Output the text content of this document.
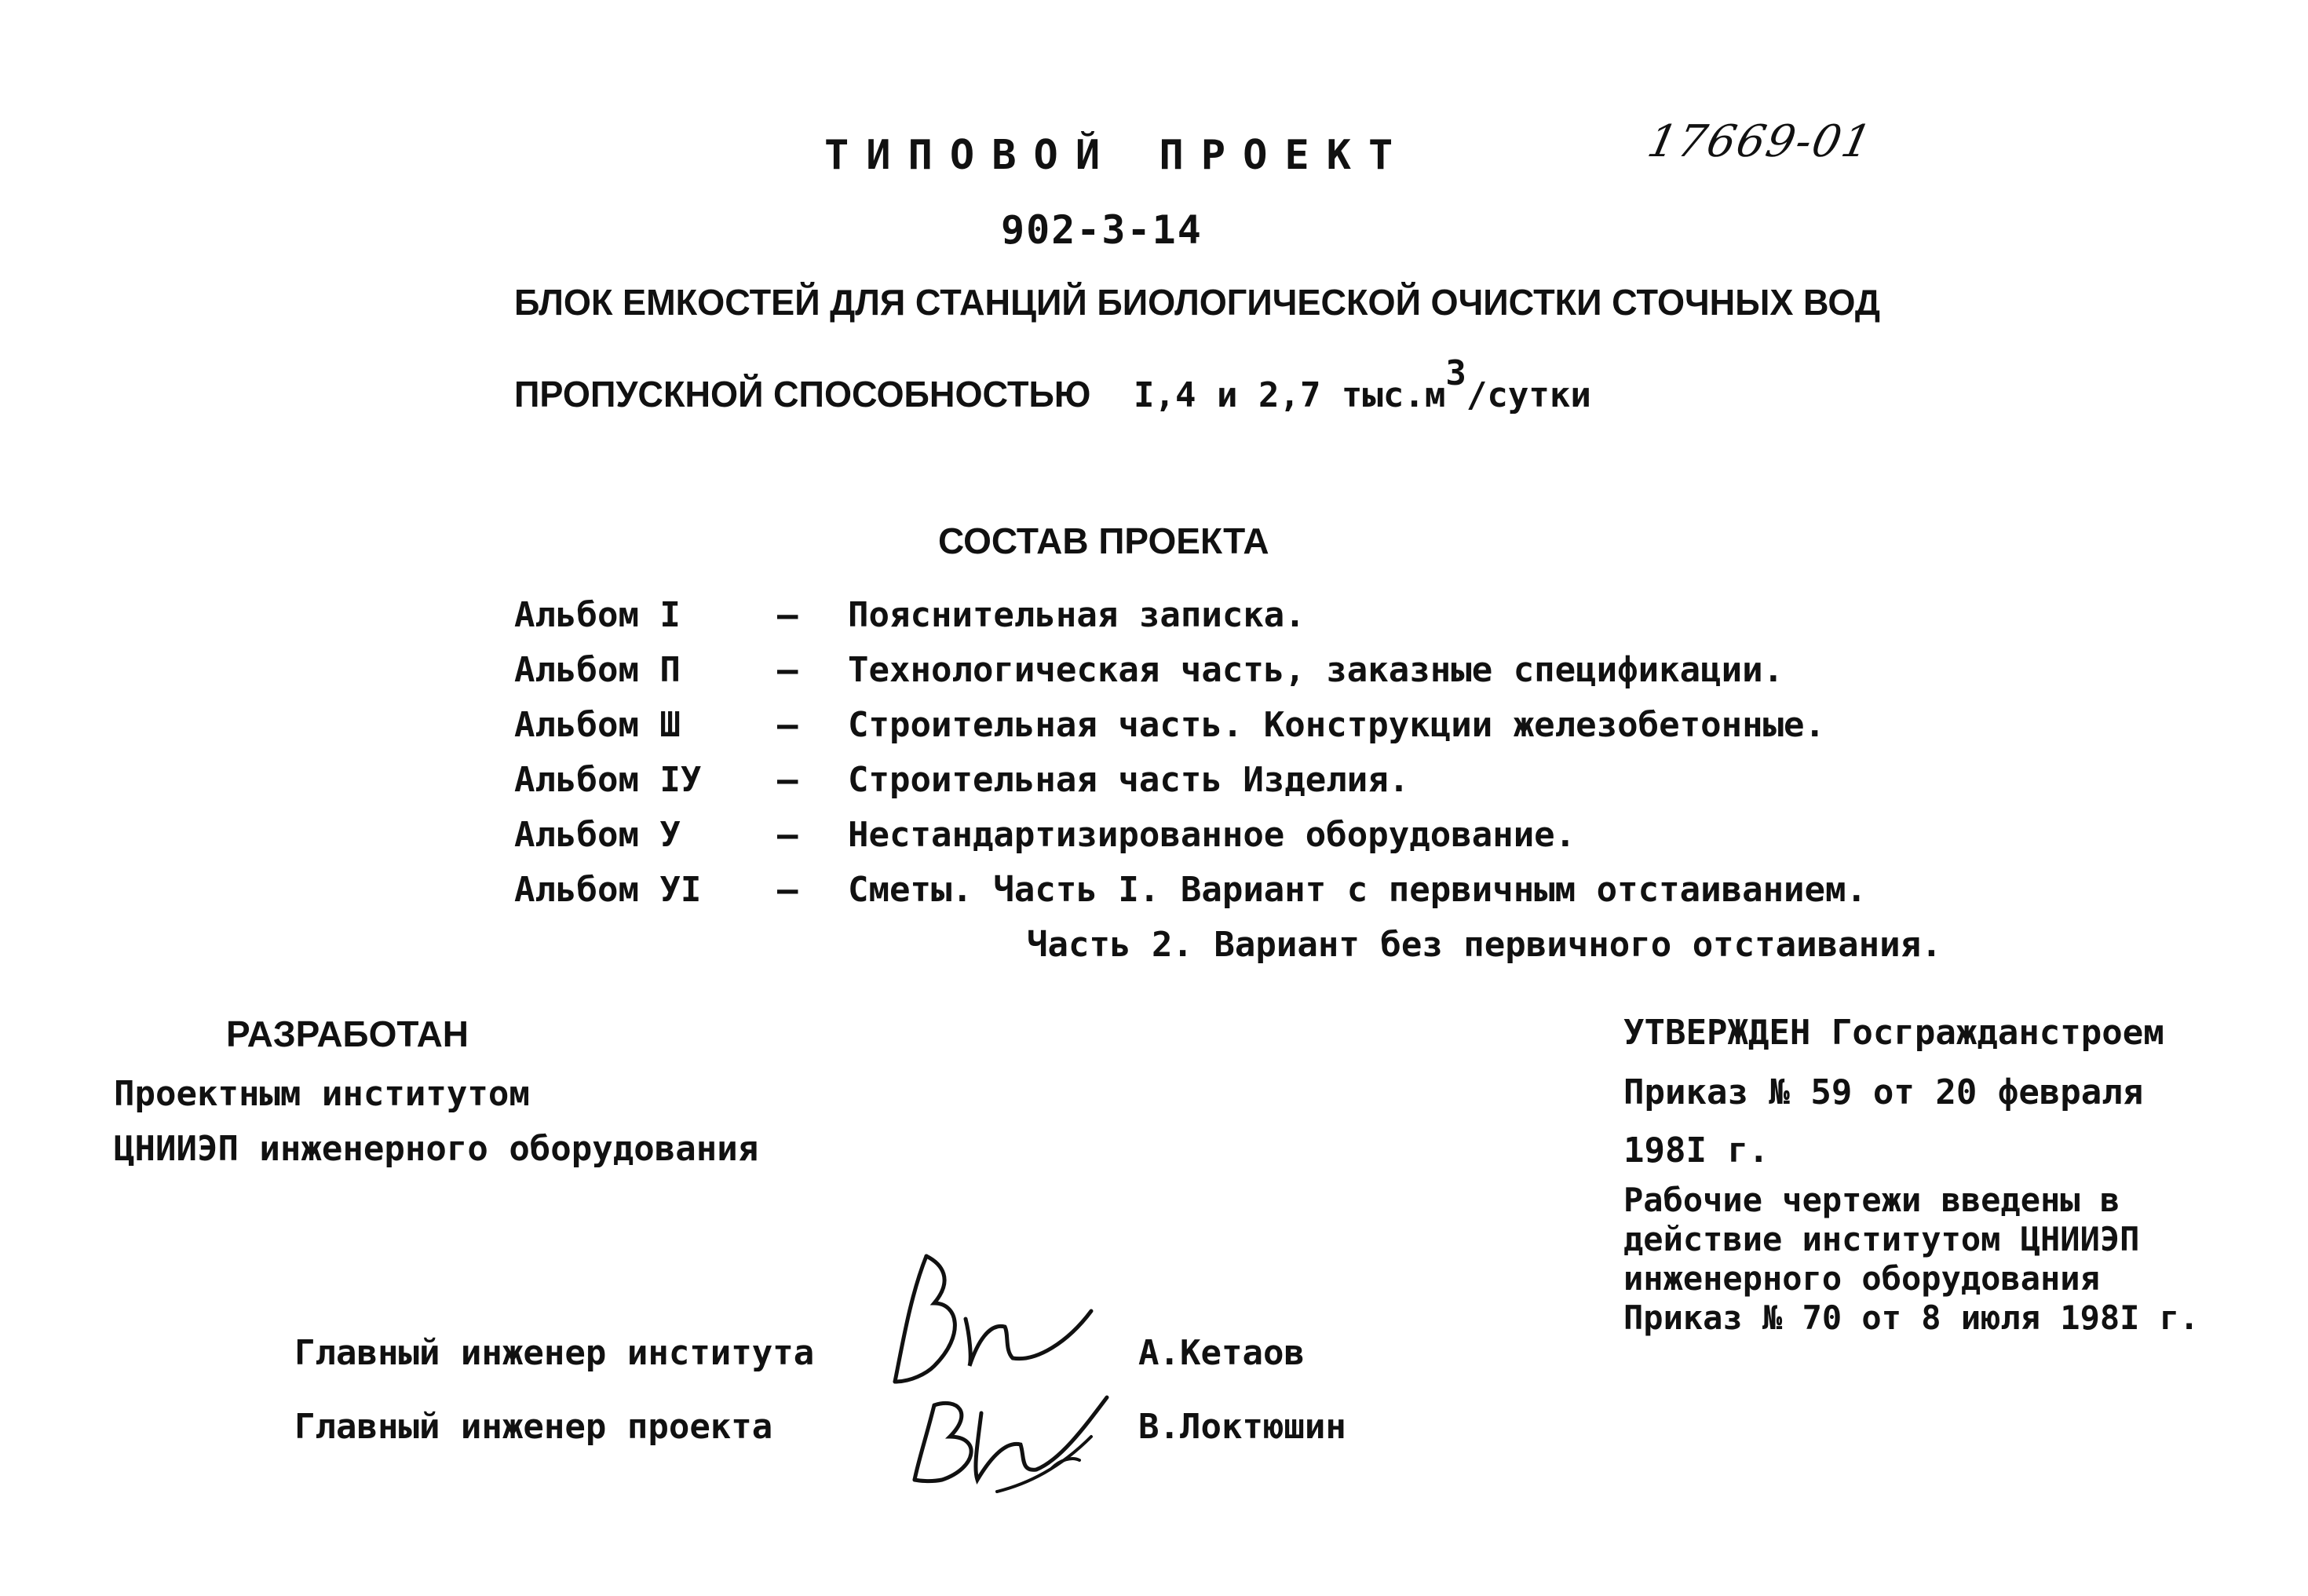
ТИПОВОЙ ПРОЕКТ	17669-01
902-3-14
БЛОК ЕМКОСТЕЙ ДЛЯ СТАНЦИЙ БИОЛОГИЧЕСКОЙ ОЧИСТКИ СТОЧНЫХ ВОД
ПРОПУСКНОЙ СПОСОБНОСТЬЮ I,4 и 2,7 тыс.м3/сутки
СОСТАВ ПРОЕКТА
Альбом I	– Пояснительная записка.
Альбом П	– Технологическая часть, заказные спецификации.
Альбом Ш	– Строительная часть. Конструкции железобетонные.
Альбом IУ – Строительная часть Изделия.
Альбом У	– Нестандартизированное оборудование.
Альбом УI – Сметы. Часть I. Вариант с первичным отстаиванием.
Часть 2. Вариант без первичного отстаивания.
РАЗРАБОТАН
Проектным институтом
ЦНИИЭП инженерного оборудования
УТВЕРЖДЕН Госгражданстроем
Приказ № 59 от 20 февраля
198I г.
Рабочие чертежи введены в
действие институтом ЦНИИЭП
инженерного оборудования
Приказ № 70 от 8 июля 198I г.
Главный инженер института	А.Кетаов
Главный инженер проекта	В.Локтюшин
